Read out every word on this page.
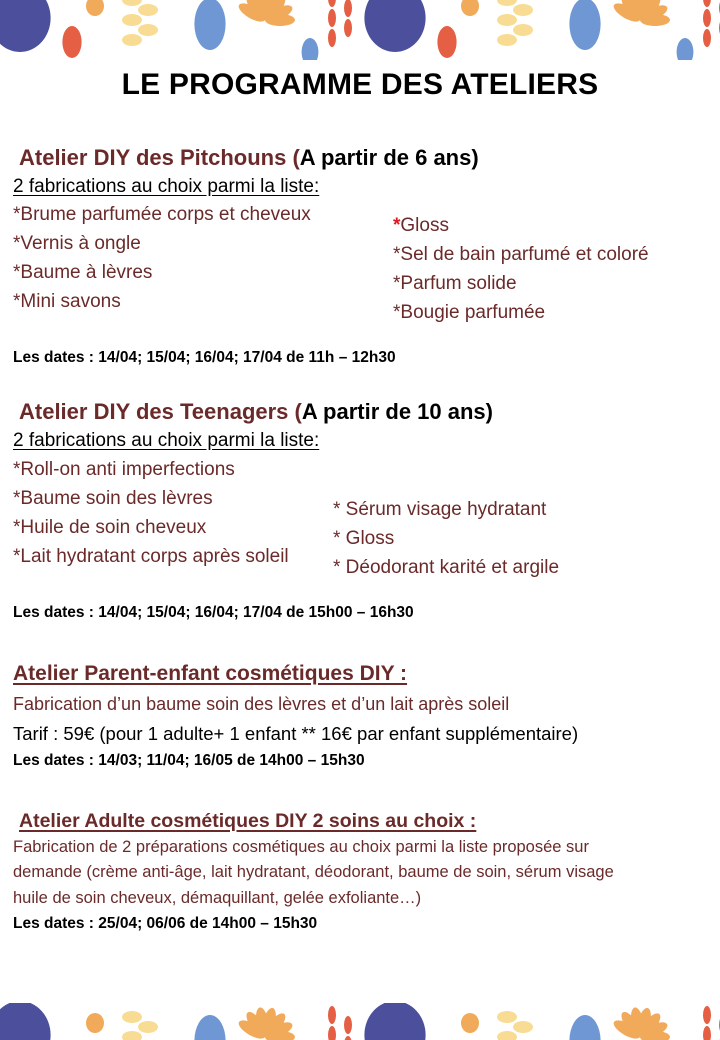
LE PROGRAMME DES ATELIERS
Atelier DIY des Pitchouns (A partir de 6 ans)
2 fabrications au choix parmi la liste:
*Brume parfumée corps et cheveux
*Vernis à ongle
*Baume à lèvres
*Mini savons
*Gloss
*Sel de bain parfumé et coloré
*Parfum solide
*Bougie parfumée
Les dates : 14/04; 15/04; 16/04; 17/04 de 11h – 12h30
Atelier DIY des Teenagers (A partir de 10 ans)
2 fabrications au choix parmi la liste:
*Roll-on anti imperfections
*Baume soin des lèvres
*Huile de soin cheveux
*Lait hydratant corps après soleil
* Sérum visage hydratant
* Gloss
* Déodorant karité et argile
Les dates : 14/04; 15/04; 16/04; 17/04 de 15h00 – 16h30
Atelier Parent-enfant cosmétiques DIY :
Fabrication d’un baume soin des lèvres et d’un lait après soleil
Tarif : 59€ (pour 1 adulte+ 1 enfant ** 16€ par enfant supplémentaire)
Les dates : 14/03; 11/04; 16/05 de 14h00 – 15h30
Atelier Adulte cosmétiques DIY 2 soins au choix :
Fabrication de 2 préparations cosmétiques au choix parmi la liste proposée sur
demande (crème anti-âge, lait hydratant, déodorant, baume de soin, sérum visage
huile de soin cheveux, démaquillant, gelée exfoliante…)
Les dates : 25/04; 06/06 de 14h00 – 15h30
